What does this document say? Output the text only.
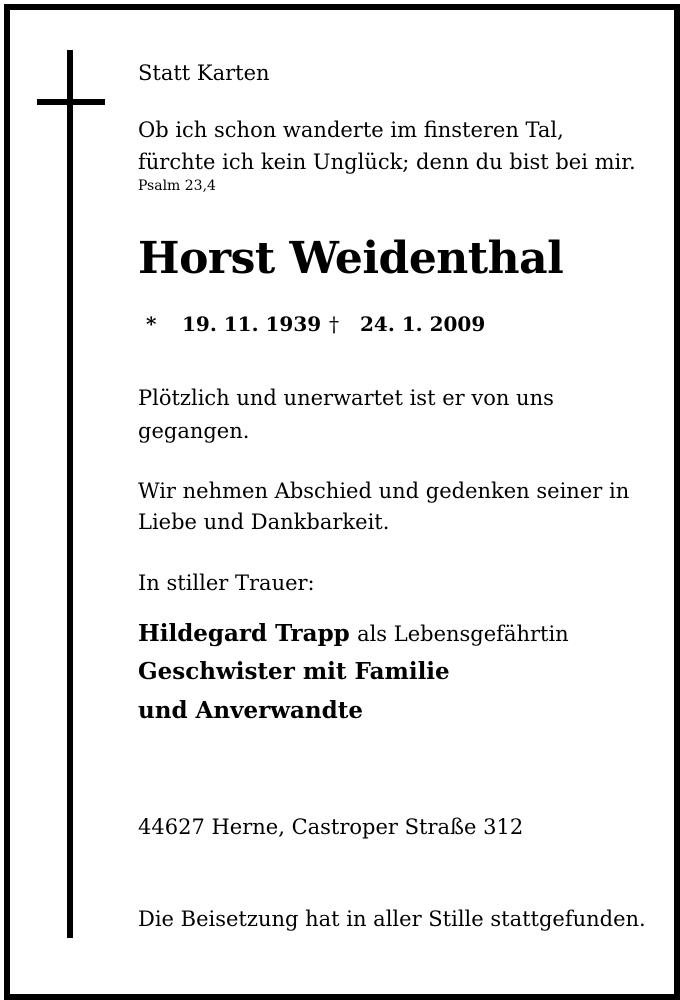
Statt Karten
Ob ich schon wanderte im finsteren Tal,
fürchte ich kein Unglück; denn du bist bei mir.
Psalm 23,4
Horst Weidenthal
* 19. 11. 1939 † 24. 1. 2009
Plötzlich und unerwartet ist er von uns
gegangen.
Wir nehmen Abschied und gedenken seiner in
Liebe und Dankbarkeit.
In stiller Trauer:
Hildegard Trapp als Lebensgefährtin
Geschwister mit Familie
und Anverwandte
44627 Herne, Castroper Straße 312
Die Beisetzung hat in aller Stille stattgefunden.
